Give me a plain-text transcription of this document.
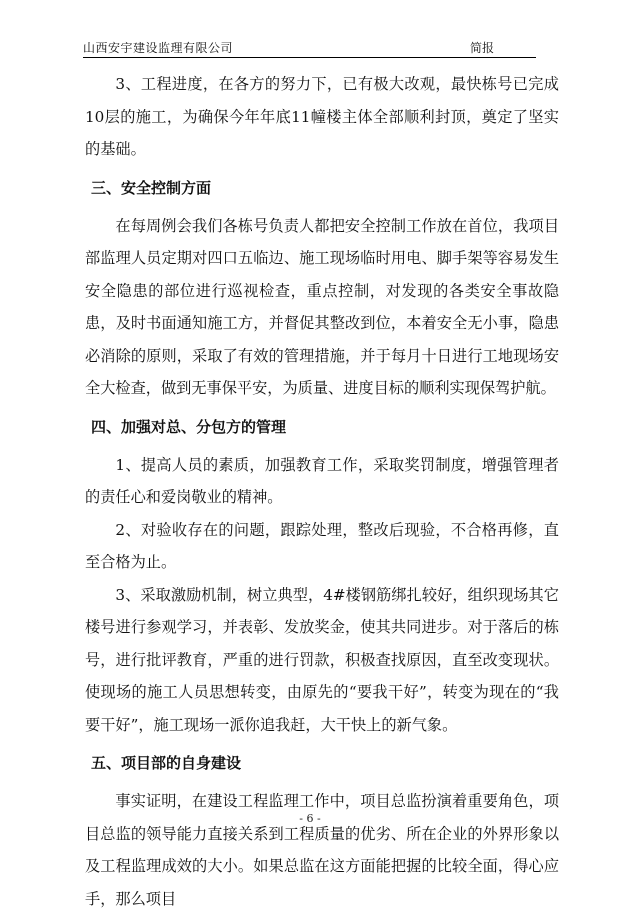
山西安宇建设监理有限公司	简报

3、工程进度，在各方的努力下，已有极大改观，最快栋号已完成10层的施工，为确保今年年底11幢楼主体全部顺利封顶，奠定了坚实的基础。

三、安全控制方面

在每周例会我们各栋号负责人都把安全控制工作放在首位，我项目部监理人员定期对四口五临边、施工现场临时用电、脚手架等容易发生安全隐患的部位进行巡视检查，重点控制，对发现的各类安全事故隐患，及时书面通知施工方，并督促其整改到位，本着安全无小事，隐患必消除的原则，采取了有效的管理措施，并于每月十日进行工地现场安全大检查，做到无事保平安，为质量、进度目标的顺利实现保驾护航。

四、加强对总、分包方的管理

1、提高人员的素质，加强教育工作，采取奖罚制度，增强管理者的责任心和爱岗敬业的精神。

2、对验收存在的问题，跟踪处理，整改后现验，不合格再修，直至合格为止。

3、采取激励机制，树立典型，4#楼钢筋绑扎较好，组织现场其它楼号进行参观学习，并表彰、发放奖金，使其共同进步。对于落后的栋号，进行批评教育，严重的进行罚款，积极查找原因，直至改变现状。使现场的施工人员思想转变，由原先的“要我干好”，转变为现在的“我要干好”，施工现场一派你追我赶，大干快上的新气象。

五、项目部的自身建设

事实证明，在建设工程监理工作中，项目总监扮演着重要角色，项目总监的领导能力直接关系到工程质量的优劣、所在企业的外界形象以及工程监理成效的大小。如果总监在这方面能把握的比较全面，得心应手，那么项目

- 6 -
